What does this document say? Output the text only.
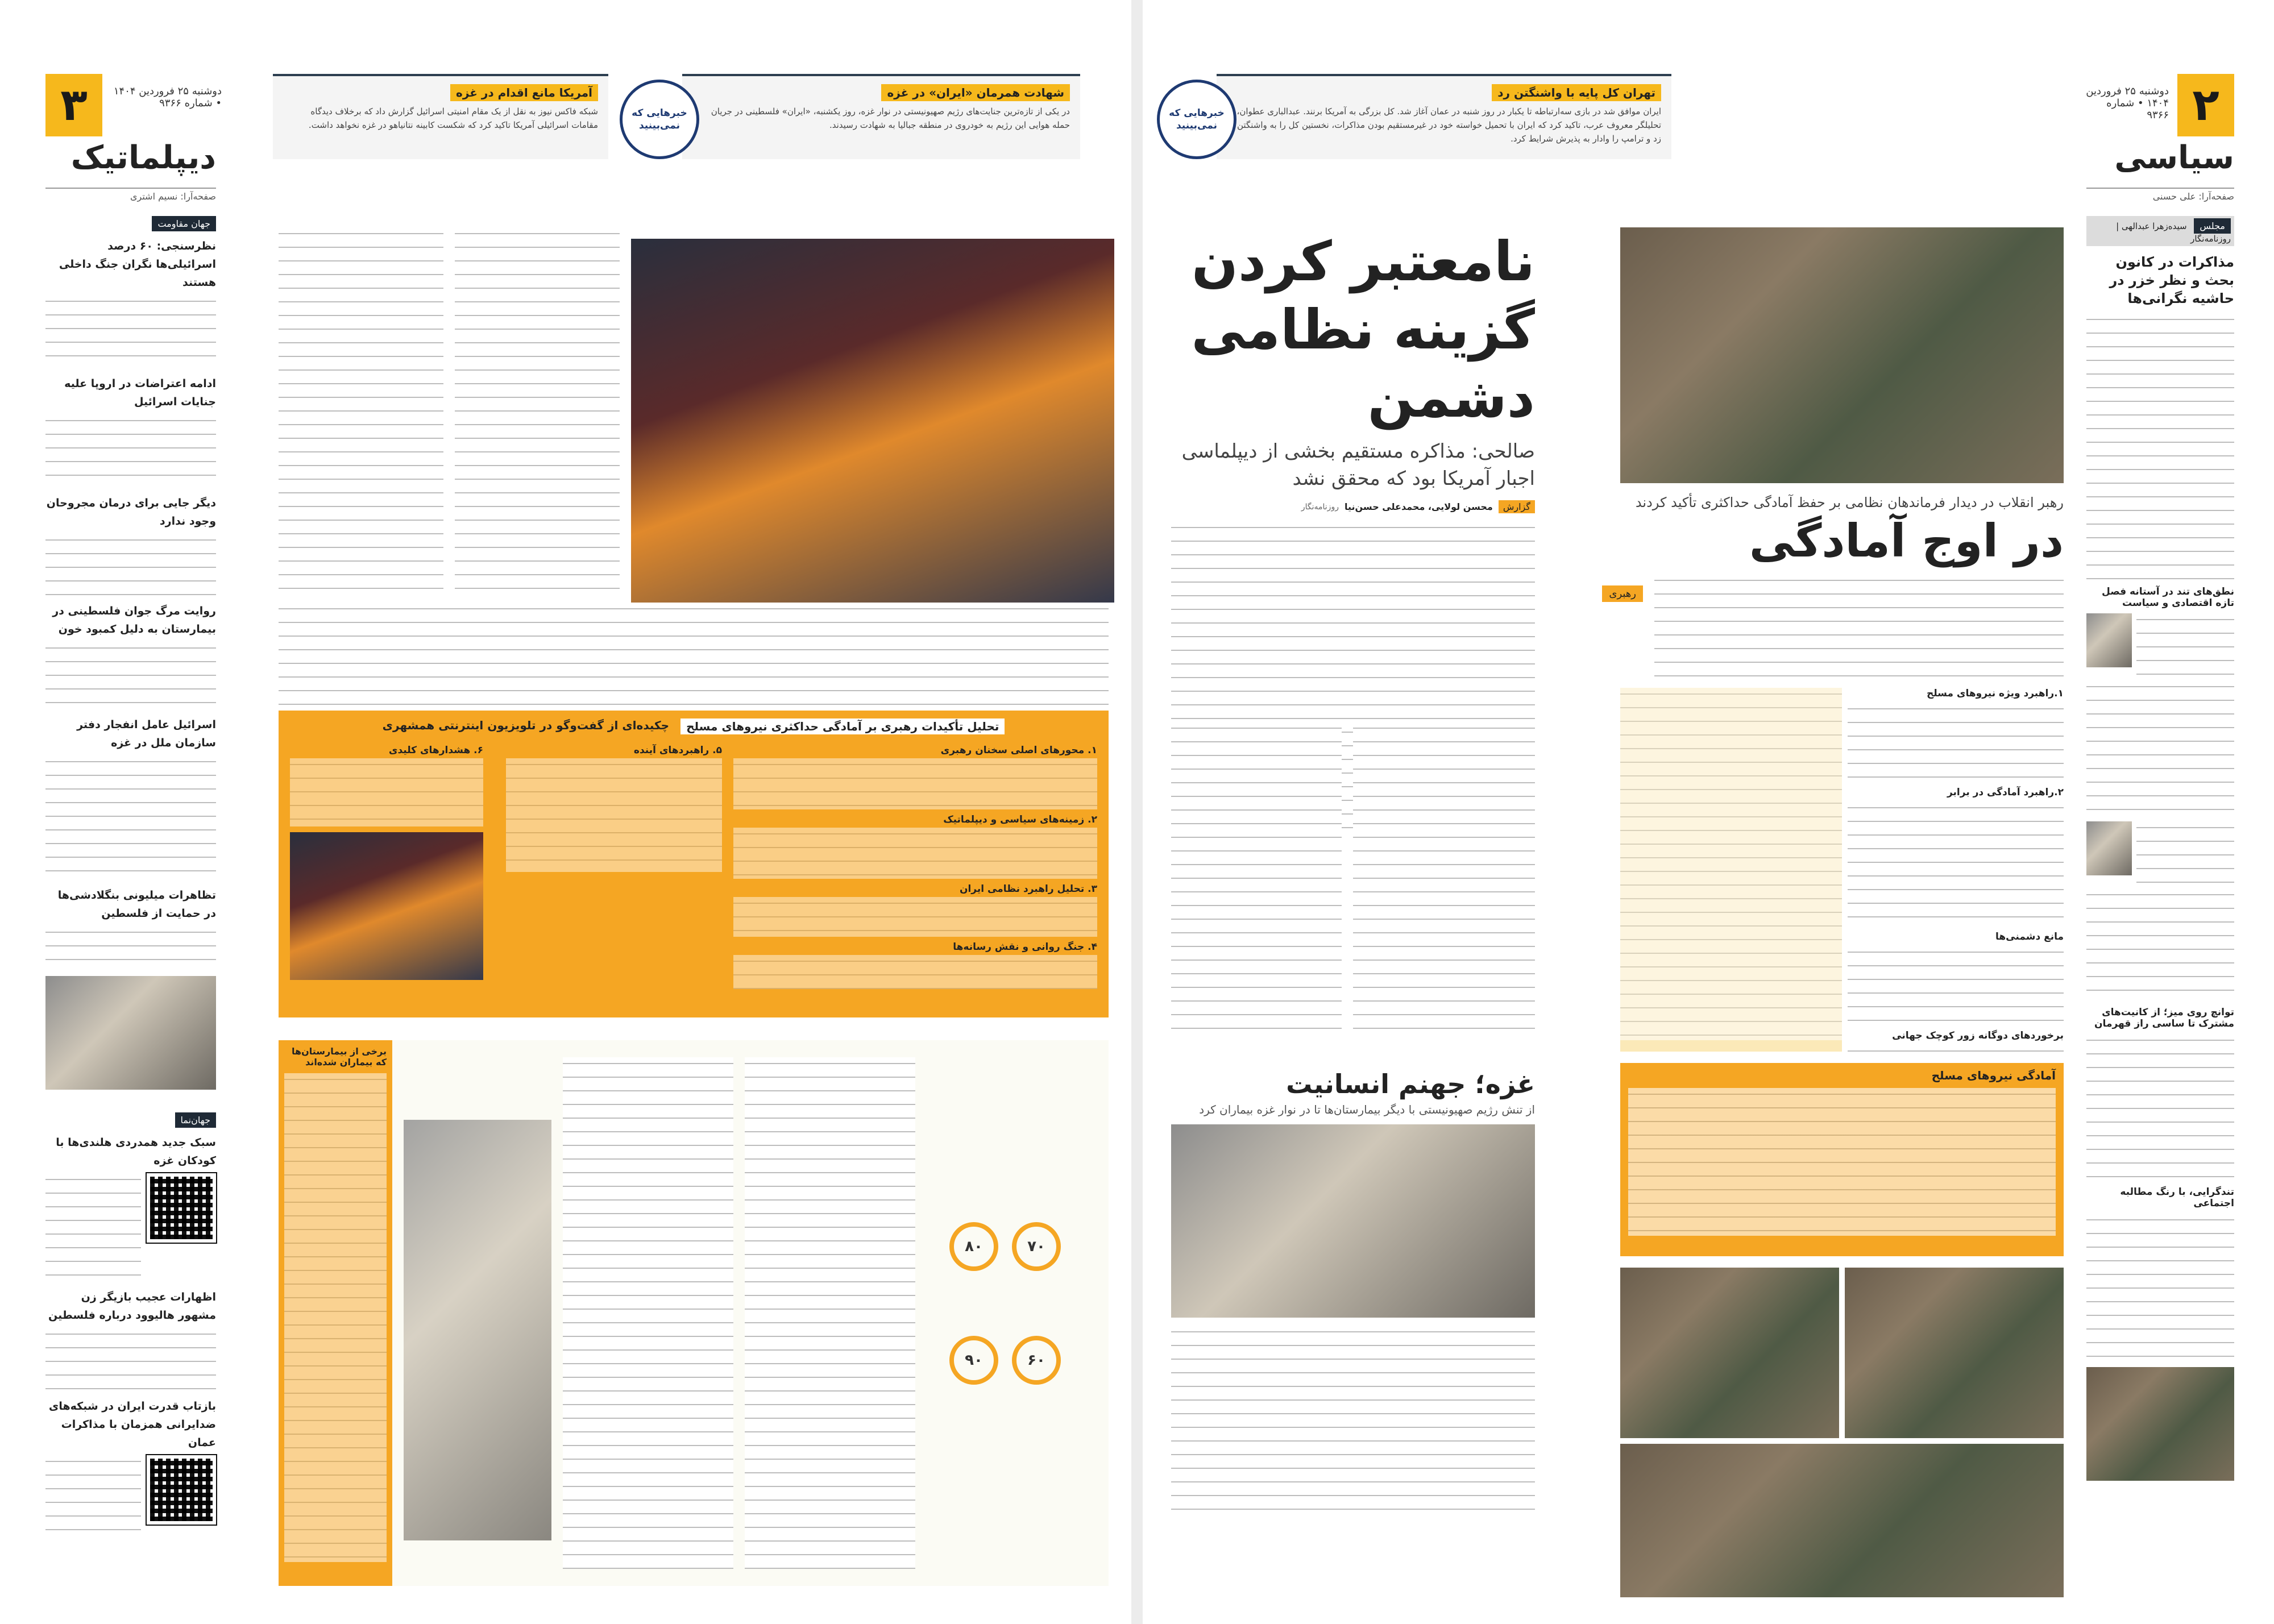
٢
دوشنبه ۲۵ فروردین ۱۴۰۴ • شماره ۹۳۶۶
سیاسی
صفحه‌آرا: علی حسنی
تهران کل پایه با واشنگتن رد
ایران موافق شد در بازی سه‌ارتباطه تا یکبار در روز شنبه در عمان آغاز شد. کل بزرگی به آمریکا برنند. عبدالباری عطوان، تحلیلگر معروف عرب، تاکید کرد که ایران با تحمیل خواسته خود در غیرمستقیم بودن مذاکرات، نخستین کل را به واشنگتن زد و ترامپ را وادار به پذیرش شرایط کرد.
خبرهایی که نمی‌بینید
مجلس سیده‌زهرا عبدالهی | روزنامه‌نگار
مذاکرات در کانون بحث و نظر خزر در حاشیه نگرانی‌ها
نطق‌های تند در آستانه فصل تازه اقتصادی و سیاست
توانچ روی میز؛ از کانیت‌های مشترک تا ساسی راز قهرمان
تندگرایی، با رنگ مطالبه اجتماعی
رهبر انقلاب در دیدار فرماندهان نظامی بر حفظ آمادگی حداکثری تأکید کردند
در اوج آمادگی
رهبری
۱.راهبرد ویژه نیروهای مسلح
۲.راهبرد آمادگی در برابر
مانع دشمنی‌ها
برخوردهای دوگانه زور کوچک جهانی
آمادگی نیروهای مسلح
٣	دوشنبه ۲۵ فروردین ۱۴۰۴ • شماره ۹۳۶۶
دیپلماتیک
صفحه‌آرا: نسیم اشتری
جهان مقاومت
نظرسنجی: ۶۰ درصد اسرائیلی‌ها نگران جنگ داخلی هستند
ادامه اعتراضات در اروپا علیه جنایات اسرائیل
دیگر جایی برای درمان مجروحان وجود ندارد
روایت مرگ جوان فلسطینی در بیمارستان به دلیل کمبود خون
اسرائیل عامل انفجار دفتر سازمان ملل در غزه
تظاهرات میلیونی بنگلادشی‌ها در حمایت از فلسطین
جهان‌نما
سبک جدید همدردی هلندی‌ها با کودکان غزه
اظهارات عجیب بازیگر زن مشهور هالیوود درباره فلسطین
بازتاب قدرت ایران در شبکه‌های ضدایرانی همزمان با مذاکرات عمان
شهادت همرمان «ایران» در غزه
در یکی از تازه‌ترین جنایت‌های رژیم صهیونیستی در نوار غزه، روز یکشنبه، «ایران» فلسطینی در جریان حمله هوایی این رژیم به خودروی در منطقه جبالیا به شهادت رسیدند.
خبرهایی که نمی‌بینید
آمریکا مانع اقدام در غزه
شبکه فاکس نیوز به نقل از یک مقام امنیتی اسرائیل گزارش داد که برخلاف دیدگاه مقامات اسرائیلی آمریکا تاکید کرد که شکست کابینه نتانیاهو در غزه نخواهد داشت.
تحلیل تأکیدات رهبری بر آمادگی حداکثری نیروهای مسلح
چکیده‌ای از گفت‌وگو در تلویزیون اینترنتی همشهری
۱. محورهای اصلی سخنان رهبری
۲. زمینه‌های سیاسی و دیپلماتیک
۳. تحلیل راهبرد نظامی ایران
۴. جنگ روانی و نقش رسانه‌ها
۵. راهبردهای آینده
۶. هشدارهای کلیدی
برخی از بیمارستان‌ها که بیماران شده‌اند
۸۰	۷۰
۹۰	۶۰
نامعتبر کردن گزینه نظامی دشمن
صالحی: مذاکره مستقیم بخشی از دیپلماسی اجبار آمریکا بود که محقق نشد
گزارش
محسن لولایی، محمدعلی حسن‌نیا
روزنامه‌نگار
غزه؛ جهنم انسانیت
از تنش رژیم صهیونیستی با دیگر بیمارستان‌ها تا در نوار غزه بیماران کرد
